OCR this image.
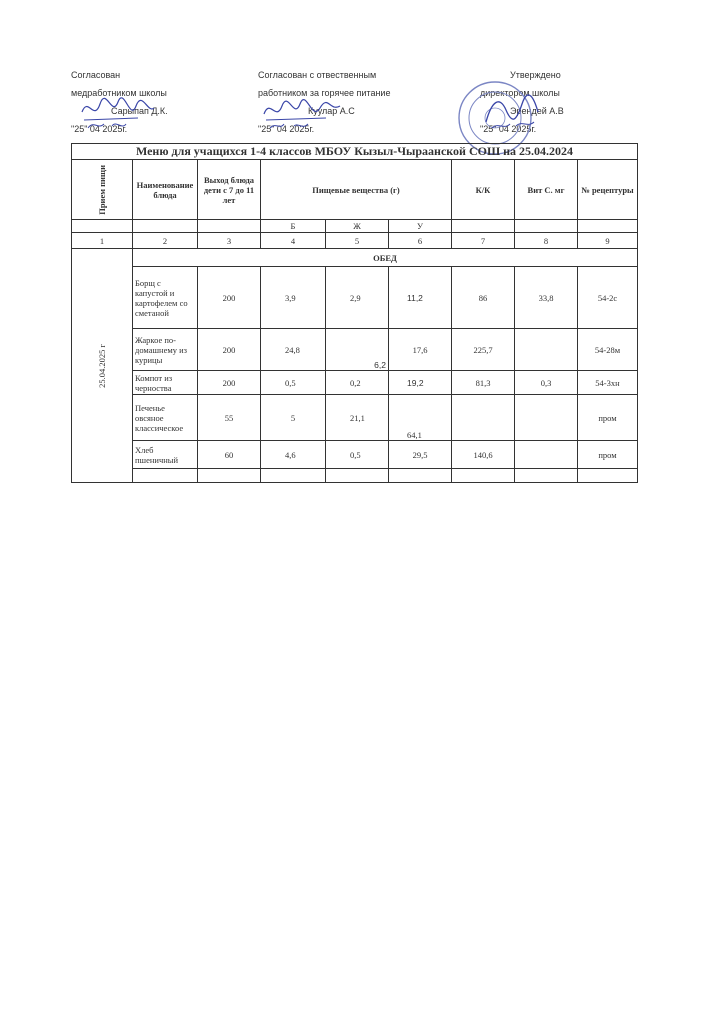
Согласован
медработником школы
Сарыпап Д.К.
"25" 04 2025г.
Согласован с отвественным
работником за горячее питание
Куулар А.С
"25" 04 2025г.
Утверждено
директором школы
Эрендей А.В
"25" 04 2025г.
Меню для учащихся 1-4 классов МБОУ Кызыл-Чыраанской СОШ на 25.04.2024								

Прием пищи	Наименование блюда	Выход блюда дети с 7 до 11 лет	Пищевые вещества (г)			К/К	Вит С. мг	№ рецептуры
			Б	Ж	У			
1	2	3	4	5	6	7	8	9

25.04.2025 г	ОБЕД							
	Борщ с капустой и картофелем со сметаной	200	3,9	2,9	11,2	86	33,8	54-2с
	Жаркое по-домашнему из курицы	200	24,8	6,2	17,6	225,7		54-28м
	Компот из черноствa	200	0,5	0,2	19,2	81,3	0,3	54-3хн
	Печенье овсяное классическое	55	5	21,1	64,1			пром
	Хлеб пшеничный	60	4,6	0,5	29,5	140,6		пром
